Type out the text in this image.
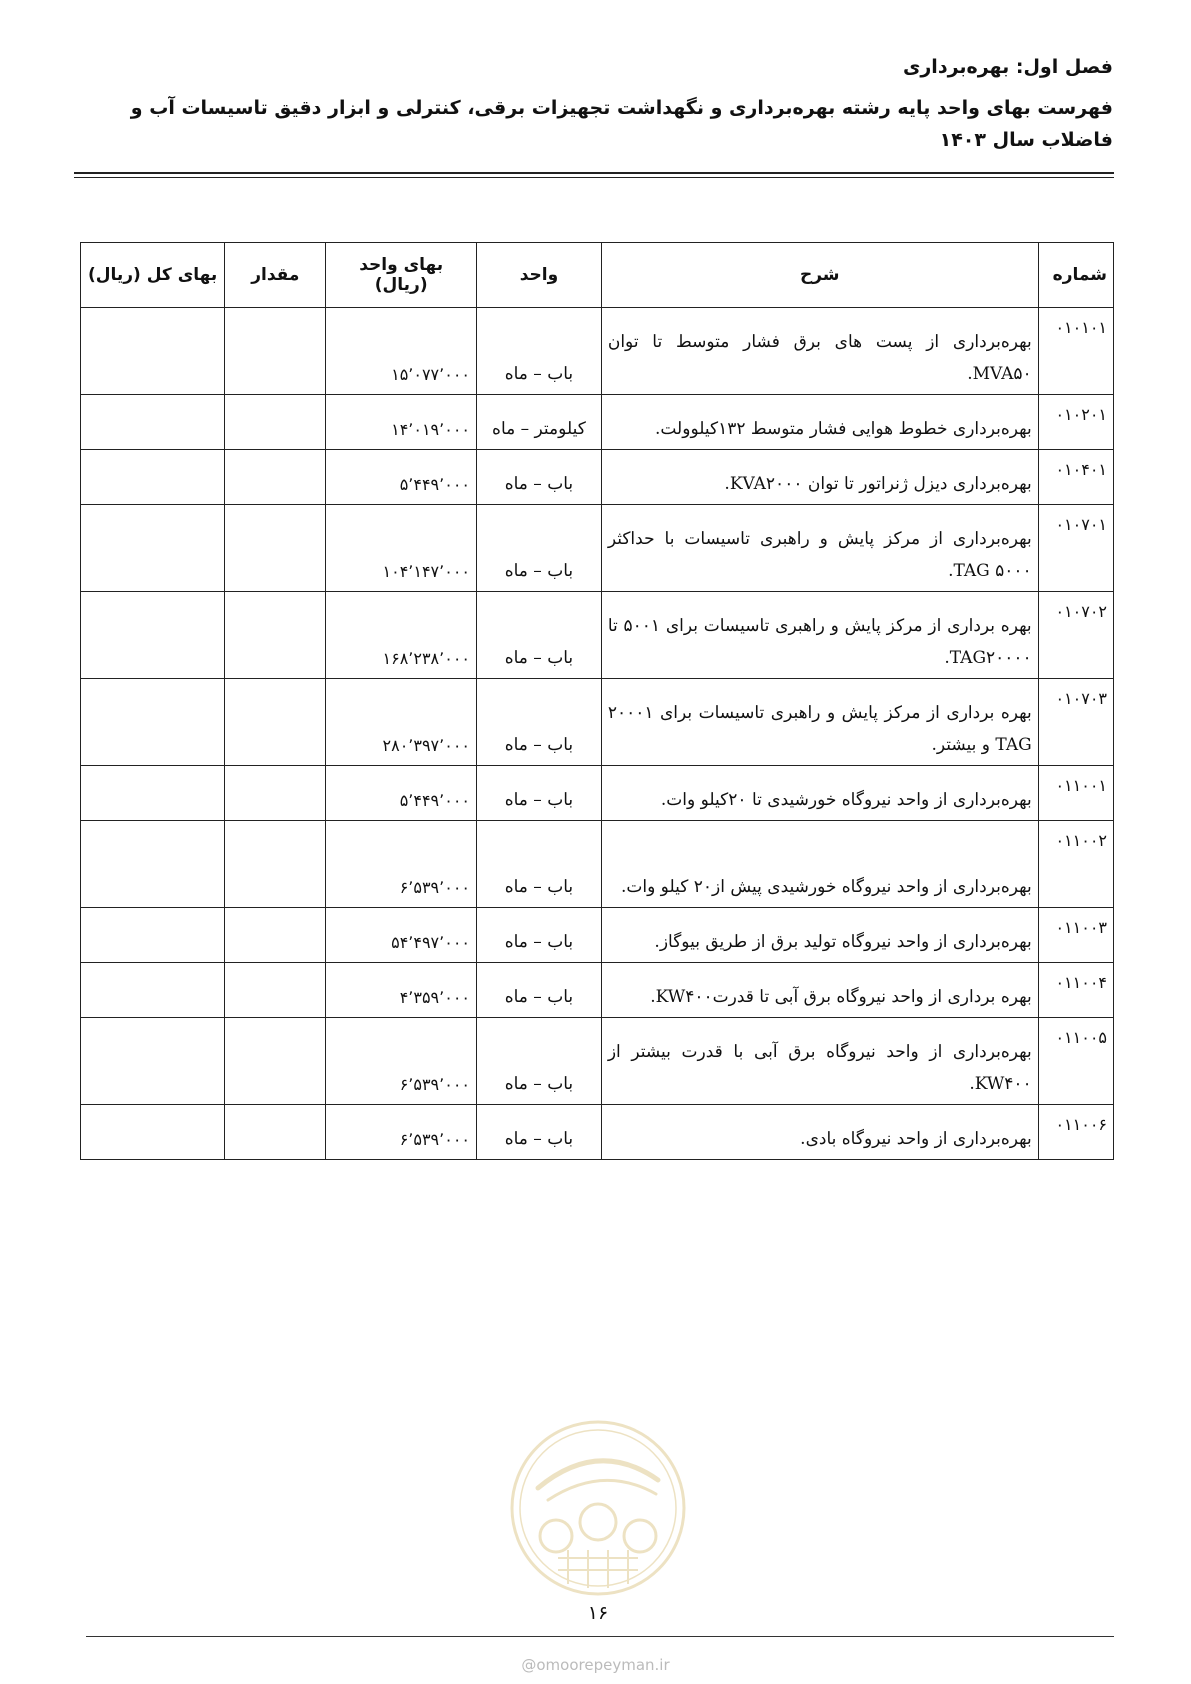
فصل اول: بهره‌برداری

فهرست بهای واحد پایه رشته بهره‌برداری و نگهداشت تجهیزات برقی، کنترلی و ابزار دقیق تاسیسات آب و فاضلاب سال ۱۴۰۳

شماره	شرح	واحد	بهای واحد (ریال)	مقدار	بهای کل (ریال)
۰۱۰۱۰۱	بهره‌برداری از پست های برق فشار متوسط تا توان MVA۵۰.	باب – ماه	۱۵٬۰۷۷٬۰۰۰		
۰۱۰۲۰۱	بهره‌برداری خطوط هوایی فشار متوسط ۱۳۲کیلوولت.	کیلومتر – ماه	۱۴٬۰۱۹٬۰۰۰		
۰۱۰۴۰۱	بهره‌برداری دیزل ژنراتور تا توان KVA۲۰۰۰.	باب – ماه	۵٬۴۴۹٬۰۰۰		
۰۱۰۷۰۱	بهره‌برداری از مرکز پایش و راهبری تاسیسات با حداکثر TAG ۵۰۰۰.	باب – ماه	۱۰۴٬۱۴۷٬۰۰۰		
۰۱۰۷۰۲	بهره برداری از مرکز پایش و راهبری تاسیسات برای ۵۰۰۱ تا TAG۲۰۰۰۰.	باب – ماه	۱۶۸٬۲۳۸٬۰۰۰		
۰۱۰۷۰۳	بهره برداری از مرکز پایش و راهبری تاسیسات برای ۲۰۰۰۱ TAG و بیشتر.	باب – ماه	۲۸۰٬۳۹۷٬۰۰۰		
۰۱۱۰۰۱	بهره‌برداری از واحد نیروگاه خورشیدی تا ۲۰کیلو وات.	باب – ماه	۵٬۴۴۹٬۰۰۰		
۰۱۱۰۰۲	بهره‌برداری از واحد نیروگاه خورشیدی پیش از۲۰ کیلو وات.	باب – ماه	۶٬۵۳۹٬۰۰۰		
۰۱۱۰۰۳	بهره‌برداری از واحد نیروگاه تولید برق از طریق بیوگاز.	باب – ماه	۵۴٬۴۹۷٬۰۰۰		
۰۱۱۰۰۴	بهره برداری از واحد نیروگاه برق آبی تا قدرتKW۴۰۰.	باب – ماه	۴٬۳۵۹٬۰۰۰		
۰۱۱۰۰۵	بهره‌برداری از واحد نیروگاه برق آبی با قدرت بیشتر از KW۴۰۰.	باب – ماه	۶٬۵۳۹٬۰۰۰		
۰۱۱۰۰۶	بهره‌برداری از واحد نیروگاه بادی.	باب – ماه	۶٬۵۳۹٬۰۰۰		
۱۶
@omoorepeyman.ir
